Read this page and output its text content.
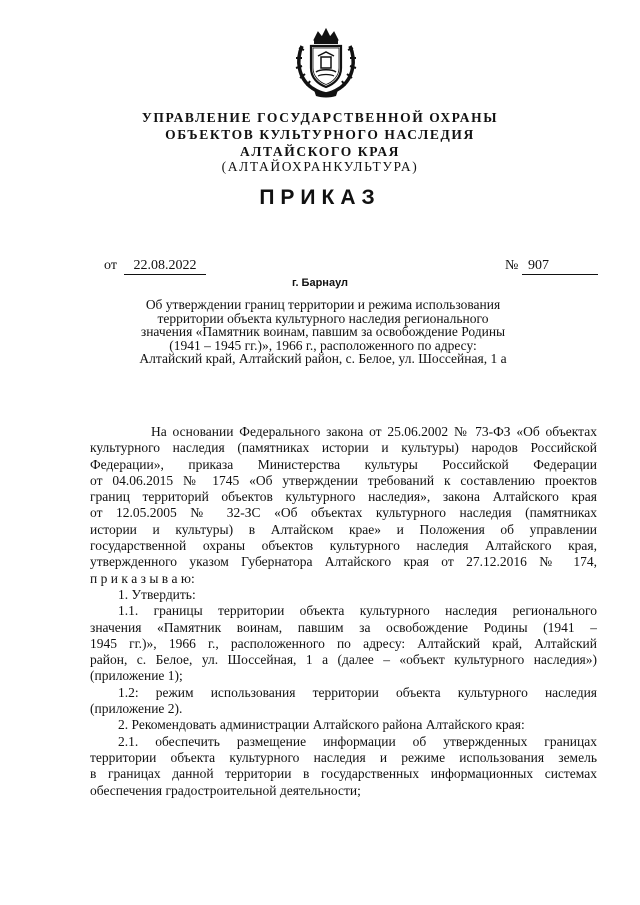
УПРАВЛЕНИЕ ГОСУДАРСТВЕННОЙ ОХРАНЫ
ОБЪЕКТОВ КУЛЬТУРНОГО НАСЛЕДИЯ
АЛТАЙСКОГО КРАЯ
(АЛТАЙОХРАНКУЛЬТУРА)
ПРИКАЗ
от	22.08.2022	№ 907
г. Барнаул
Об утверждении границ территории и режима использования
территории объекта культурного наследия регионального
значения «Памятник воинам, павшим за освобождение Родины
(1941 – 1945 гг.)», 1966 г., расположенного по адресу:
Алтайский край, Алтайский район, с. Белое, ул. Шоссейная, 1 а
На основании Федерального закона от 25.06.2002 № 73-ФЗ «Об объектах
культурного наследия (памятниках истории и культуры) народов Российской
Федерации», приказа Министерства культуры Российской Федерации
от 04.06.2015 № 1745 «Об утверждении требований к составлению проектов
границ территорий объектов культурного наследия», закона Алтайского края
от 12.05.2005 № 32-ЗС «Об объектах культурного наследия (памятниках
истории и культуры) в Алтайском крае» и Положения об управлении
государственной охраны объектов культурного наследия Алтайского края,
утвержденного указом Губернатора Алтайского края от 27.12.2016 № 174,
п р и к а з ы в а ю:
1. Утвердить:
1.1. границы территории объекта культурного наследия регионального
значения «Памятник воинам, павшим за освобождение Родины (1941 –
1945 гг.)», 1966 г., расположенного по адресу: Алтайский край, Алтайский
район, с. Белое, ул. Шоссейная, 1 а (далее – «объект культурного наследия»)
(приложение 1);
1.2: режим использования территории объекта культурного наследия
(приложение 2).
2. Рекомендовать администрации Алтайского района Алтайского края:
2.1. обеспечить размещение информации об утвержденных границах
территории объекта культурного наследия и режиме использования земель
в границах данной территории в государственных информационных системах
обеспечения градостроительной деятельности;
